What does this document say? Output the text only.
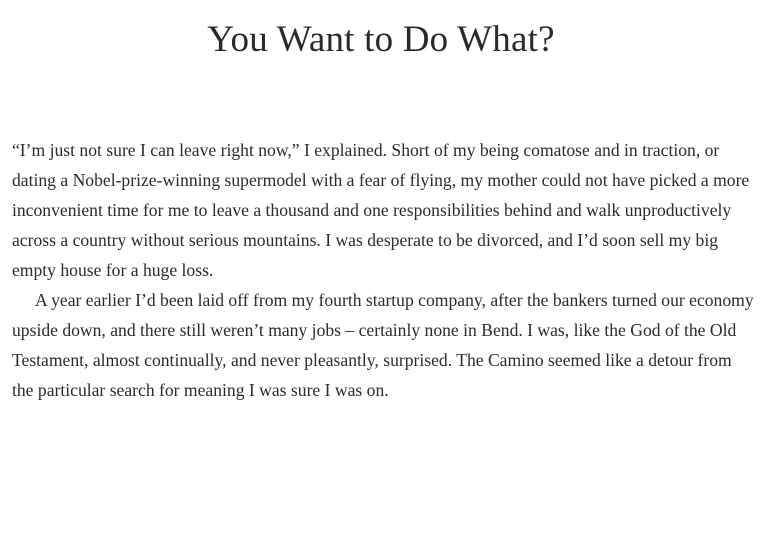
You Want to Do What?

“I’m just not sure I can leave right now,” I explained. Short of my being comatose and in traction, or dating a Nobel-prize-winning supermodel with a fear of flying, my mother could not have picked a more inconvenient time for me to leave a thousand and one responsibilities behind and walk unproductively across a country without serious mountains. I was desperate to be divorced, and I’d soon sell my big empty house for a huge loss.

A year earlier I’d been laid off from my fourth startup company, after the bankers turned our economy upside down, and there still weren’t many jobs – certainly none in Bend. I was, like the God of the Old Testament, almost continually, and never pleasantly, surprised. The Camino seemed like a detour from the particular search for meaning I was sure I was on.
